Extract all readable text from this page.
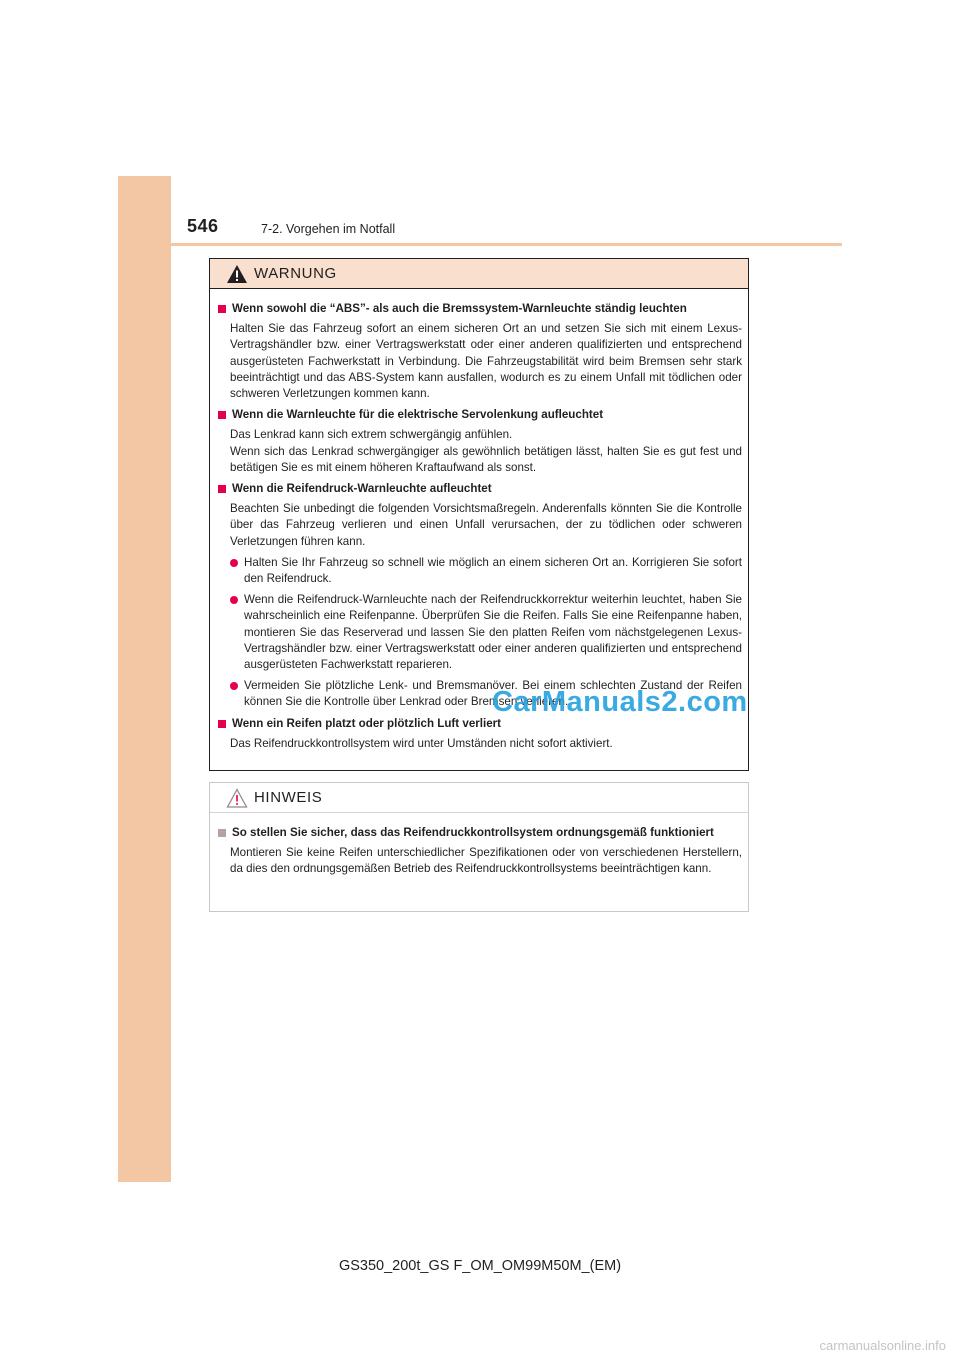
546	7-2. Vorgehen im Notfall
WARNUNG
Wenn sowohl die “ABS”- als auch die Bremssystem-Warnleuchte ständig leuchten
Halten Sie das Fahrzeug sofort an einem sicheren Ort an und setzen Sie sich mit einem Lexus-Vertragshändler bzw. einer Vertragswerkstatt oder einer anderen qualifizierten und entsprechend ausgerüsteten Fachwerkstatt in Verbindung. Die Fahrzeugstabilität wird beim Bremsen sehr stark beeinträchtigt und das ABS-System kann ausfallen, wodurch es zu einem Unfall mit tödlichen oder schweren Verletzungen kommen kann.
Wenn die Warnleuchte für die elektrische Servolenkung aufleuchtet
Das Lenkrad kann sich extrem schwergängig anfühlen.
Wenn sich das Lenkrad schwergängiger als gewöhnlich betätigen lässt, halten Sie es gut fest und betätigen Sie es mit einem höheren Kraftaufwand als sonst.
Wenn die Reifendruck-Warnleuchte aufleuchtet
Beachten Sie unbedingt die folgenden Vorsichtsmaßregeln. Anderenfalls könnten Sie die Kontrolle über das Fahrzeug verlieren und einen Unfall verursachen, der zu tödlichen oder schweren Verletzungen führen kann.
Halten Sie Ihr Fahrzeug so schnell wie möglich an einem sicheren Ort an. Korrigieren Sie sofort den Reifendruck.
Wenn die Reifendruck-Warnleuchte nach der Reifendruckkorrektur weiterhin leuchtet, haben Sie wahrscheinlich eine Reifenpanne. Überprüfen Sie die Reifen. Falls Sie eine Reifenpanne haben, montieren Sie das Reserverad und lassen Sie den platten Reifen vom nächstgelegenen Lexus-Vertragshändler bzw. einer Vertragswerkstatt oder einer anderen qualifizierten und entsprechend ausgerüsteten Fachwerkstatt reparieren.
Vermeiden Sie plötzliche Lenk- und Bremsmanöver. Bei einem schlechten Zustand der Reifen können Sie die Kontrolle über Lenkrad oder Bremsen verlieren.
Wenn ein Reifen platzt oder plötzlich Luft verliert
Das Reifendruckkontrollsystem wird unter Umständen nicht sofort aktiviert.
HINWEIS
So stellen Sie sicher, dass das Reifendruckkontrollsystem ordnungsgemäß funktioniert
Montieren Sie keine Reifen unterschiedlicher Spezifikationen oder von verschiedenen Herstellern, da dies den ordnungsgemäßen Betrieb des Reifendruckkontrollsystems beeinträchtigen kann.
CarManuals2.com
GS350_200t_GS F_OM_OM99M50M_(EM)
carmanualsonline.info
